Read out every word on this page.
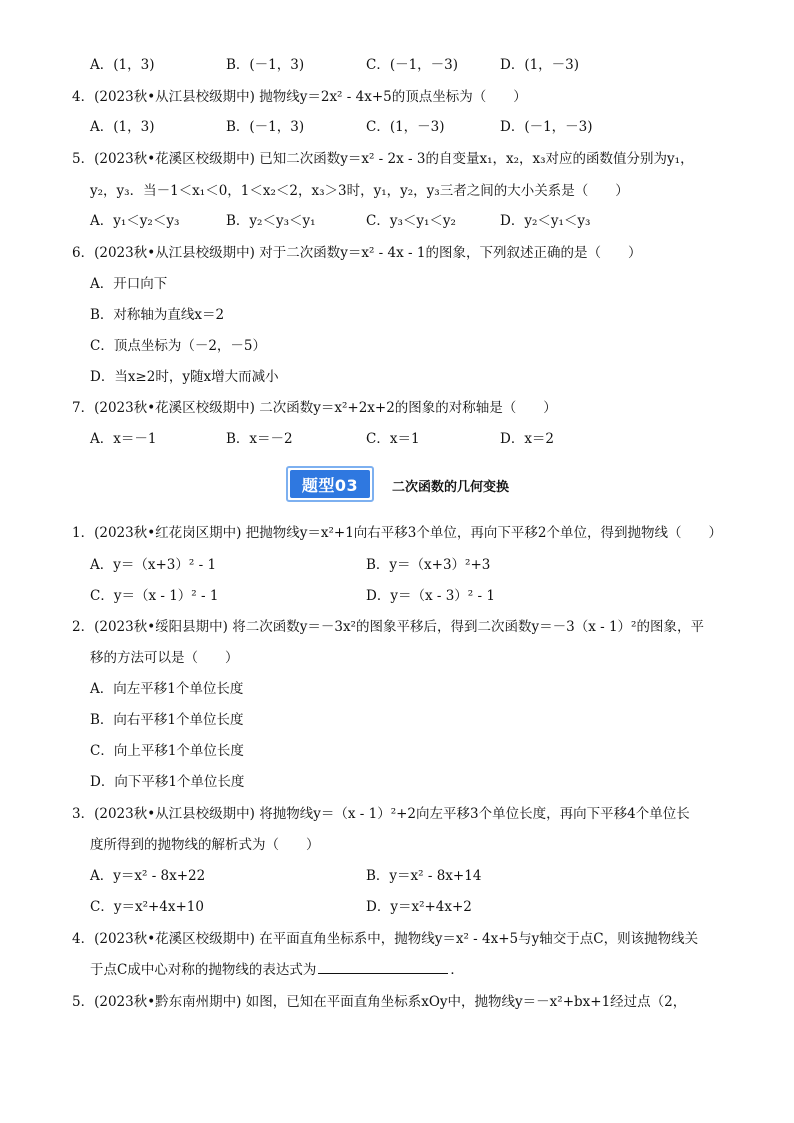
A．(1，3)	B．(－1，3)	C．(－1，－3)	D．(1，－3)
4．(2023秋•从江县校级期中) 抛物线y＝2x² - 4x+5的顶点坐标为（　　）
A．(1，3)	B．(－1，3)	C．(1，－3)	D．(－1，－3)
5．(2023秋•花溪区校级期中) 已知二次函数y＝x² - 2x - 3的自变量x₁，x₂，x₃对应的函数值分别为y₁，
y₂，y₃．当－1＜x₁＜0，1＜x₂＜2，x₃＞3时，y₁，y₂，y₃三者之间的大小关系是（　　）
A．y₁＜y₂＜y₃	B．y₂＜y₃＜y₁	C．y₃＜y₁＜y₂	D．y₂＜y₁＜y₃
6．(2023秋•从江县校级期中) 对于二次函数y＝x² - 4x - 1的图象，下列叙述正确的是（　　）
A．开口向下
B．对称轴为直线x＝2
C．顶点坐标为（－2，－5）
D．当x≥2时，y随x增大而减小
7．(2023秋•花溪区校级期中) 二次函数y＝x²+2x+2的图象的对称轴是（　　）
A．x＝－1	B．x＝－2	C．x＝1	D．x＝2
题型03	二次函数的几何变换
1．(2023秋•红花岗区期中) 把抛物线y＝x²+1向右平移3个单位，再向下平移2个单位，得到抛物线（　　）
A．y＝（x+3）² - 1	B．y＝（x+3）²+3
C．y＝（x - 1）² - 1	D．y＝（x - 3）² - 1
2．(2023秋•绥阳县期中) 将二次函数y＝－3x²的图象平移后，得到二次函数y＝－3（x - 1）²的图象，平
移的方法可以是（　　）
A．向左平移1个单位长度
B．向右平移1个单位长度
C．向上平移1个单位长度
D．向下平移1个单位长度
3．(2023秋•从江县校级期中) 将抛物线y＝（x - 1）²+2向左平移3个单位长度，再向下平移4个单位长
度所得到的抛物线的解析式为（　　）
A．y＝x² - 8x+22	B．y＝x² - 8x+14
C．y＝x²+4x+10	D．y＝x²+4x+2
4．(2023秋•花溪区校级期中) 在平面直角坐标系中，抛物线y＝x² - 4x+5与y轴交于点C，则该抛物线关
于点C成中心对称的抛物线的表达式为	．
5．(2023秋•黔东南州期中) 如图，已知在平面直角坐标系xOy中，抛物线y＝－x²+bx+1经过点（2，
